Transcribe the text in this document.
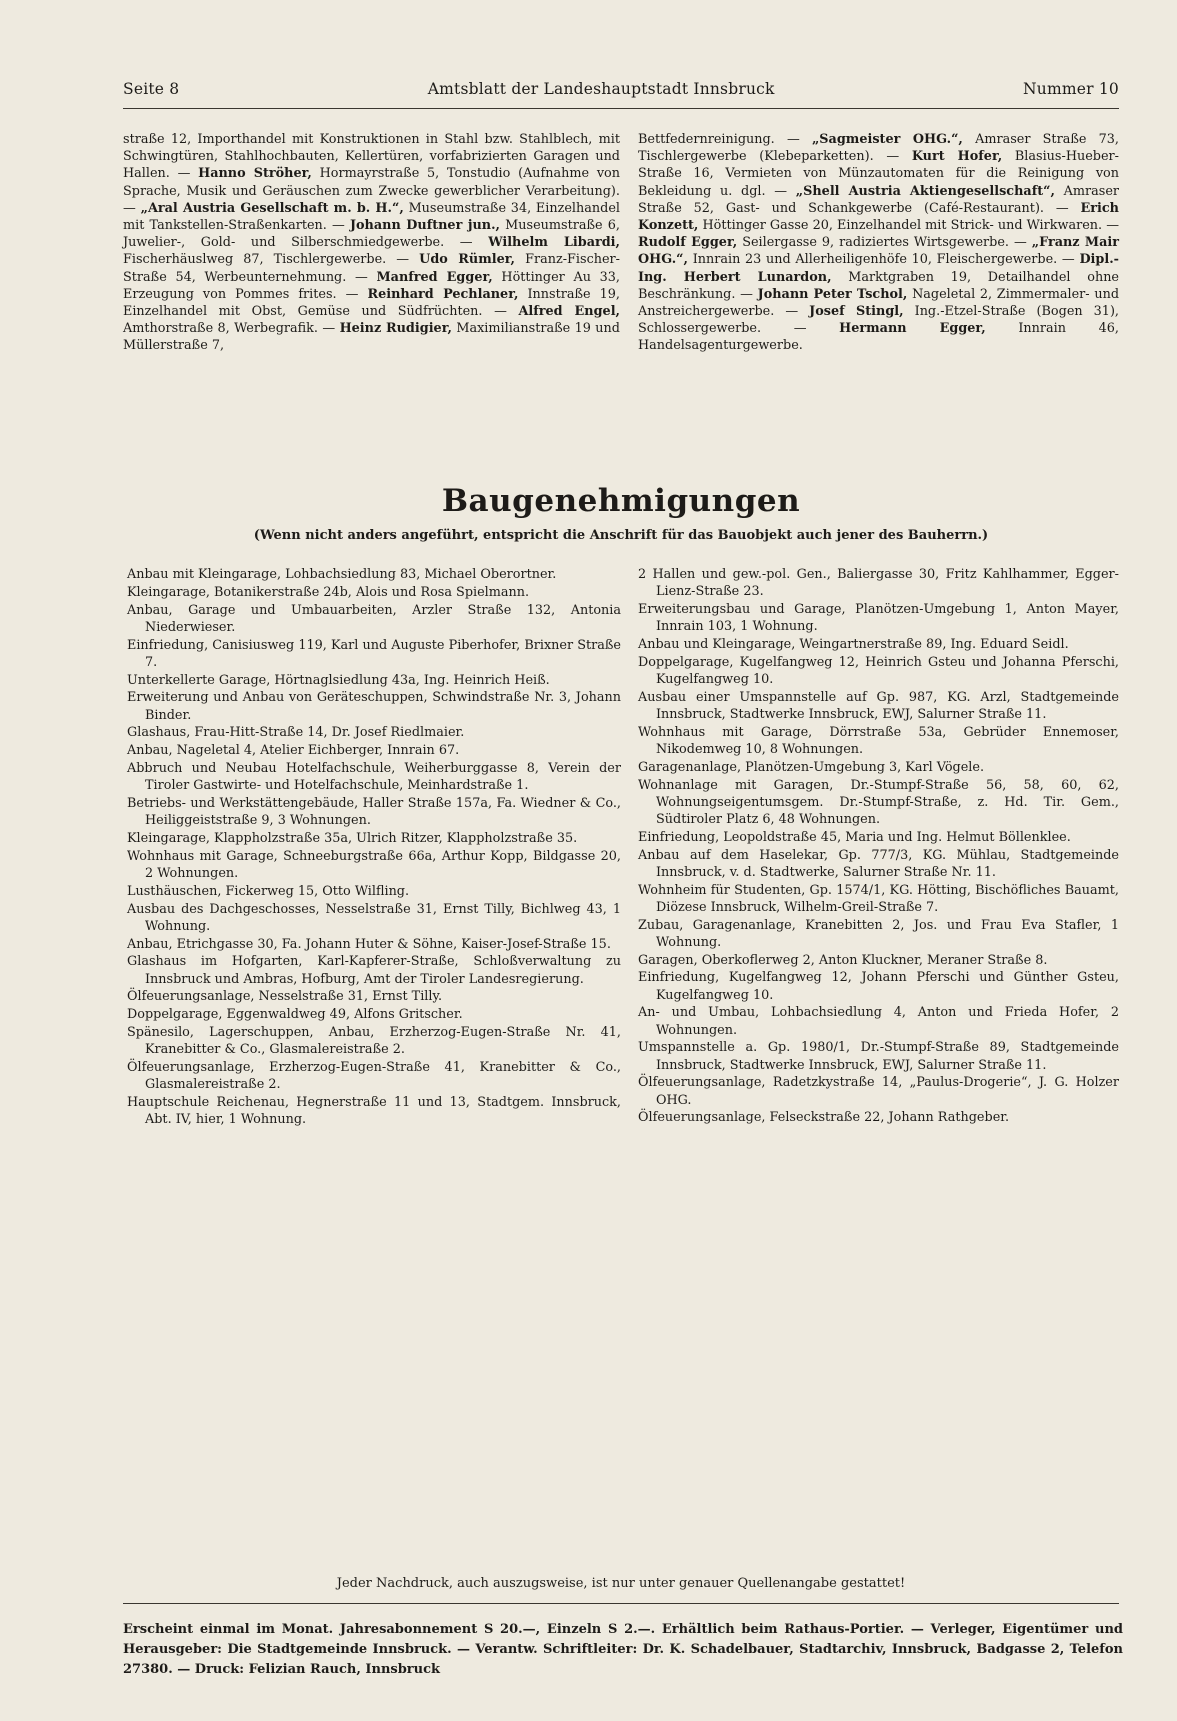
Seite 8	Amtsblatt der Landeshauptstadt Innsbruck	Nummer 10

straße 12, Importhandel mit Konstruktionen in Stahl bzw. Stahlblech, mit Schwingtüren, Stahlhochbauten, Kellertüren, vorfabrizierten Garagen und Hallen. — Hanno Ströher, Hormayrstraße 5, Tonstudio (Aufnahme von Sprache, Musik und Geräuschen zum Zwecke gewerblicher Verarbeitung). — „Aral Austria Gesellschaft m. b. H.“, Museumstraße 34, Einzelhandel mit Tankstellen-Straßenkarten. — Johann Duftner jun., Museumstraße 6, Juwelier-, Gold- und Silberschmiedgewerbe. — Wilhelm Libardi, Fischerhäuslweg 87, Tischlergewerbe. — Udo Rümler, Franz-Fischer-Straße 54, Werbeunternehmung. — Manfred Egger, Höttinger Au 33, Erzeugung von Pommes frites. — Reinhard Pechlaner, Innstraße 19, Einzelhandel mit Obst, Gemüse und Südfrüchten. — Alfred Engel, Amthorstraße 8, Werbegrafik. — Heinz Rudigier, Maximilianstraße 19 und Müllerstraße 7,

Bettfedernreinigung. — „Sagmeister OHG.“, Amraser Straße 73, Tischlergewerbe (Klebeparketten). — Kurt Hofer, Blasius-Hueber-Straße 16, Vermieten von Münzautomaten für die Reinigung von Bekleidung u. dgl. — „Shell Austria Aktiengesellschaft“, Amraser Straße 52, Gast- und Schankgewerbe (Café-Restaurant). — Erich Konzett, Höttinger Gasse 20, Einzelhandel mit Strick- und Wirkwaren. — Rudolf Egger, Seilergasse 9, radiziertes Wirtsgewerbe. — „Franz Mair OHG.“, Innrain 23 und Allerheiligenhöfe 10, Fleischergewerbe. — Dipl.-Ing. Herbert Lunardon, Marktgraben 19, Detailhandel ohne Beschränkung. — Johann Peter Tschol, Nageletal 2, Zimmermaler- und Anstreichergewerbe. — Josef Stingl, Ing.-Etzel-Straße (Bogen 31), Schlossergewerbe. — Hermann Egger, Innrain 46, Handelsagenturgewerbe.

Baugenehmigungen
(Wenn nicht anders angeführt, entspricht die Anschrift für das Bauobjekt auch jener des Bauherrn.)

Anbau mit Kleingarage, Lohbachsiedlung 83, Michael Oberortner.

Kleingarage, Botanikerstraße 24b, Alois und Rosa Spielmann.

Anbau, Garage und Umbauarbeiten, Arzler Straße 132, Antonia Niederwieser.

Einfriedung, Canisiusweg 119, Karl und Auguste Piberhofer, Brixner Straße 7.

Unterkellerte Garage, Hörtnaglsiedlung 43a, Ing. Heinrich Heiß.

Erweiterung und Anbau von Geräteschuppen, Schwindstraße Nr. 3, Johann Binder.

Glashaus, Frau-Hitt-Straße 14, Dr. Josef Riedlmaier.

Anbau, Nageletal 4, Atelier Eichberger, Innrain 67.

Abbruch und Neubau Hotelfachschule, Weiherburggasse 8, Verein der Tiroler Gastwirte- und Hotelfachschule, Meinhardstraße 1.

Betriebs- und Werkstättengebäude, Haller Straße 157a, Fa. Wiedner & Co., Heiliggeiststraße 9, 3 Wohnungen.

Kleingarage, Klappholzstraße 35a, Ulrich Ritzer, Klappholzstraße 35.

Wohnhaus mit Garage, Schneeburgstraße 66a, Arthur Kopp, Bildgasse 20, 2 Wohnungen.

Lusthäuschen, Fickerweg 15, Otto Wilfling.

Ausbau des Dachgeschosses, Nesselstraße 31, Ernst Tilly, Bichlweg 43, 1 Wohnung.

Anbau, Etrichgasse 30, Fa. Johann Huter & Söhne, Kaiser-Josef-Straße 15.

Glashaus im Hofgarten, Karl-Kapferer-Straße, Schloßverwaltung zu Innsbruck und Ambras, Hofburg, Amt der Tiroler Landesregierung.

Ölfeuerungsanlage, Nesselstraße 31, Ernst Tilly.

Doppelgarage, Eggenwaldweg 49, Alfons Gritscher.

Spänesilo, Lagerschuppen, Anbau, Erzherzog-Eugen-Straße Nr. 41, Kranebitter & Co., Glasmalereistraße 2.

Ölfeuerungsanlage, Erzherzog-Eugen-Straße 41, Kranebitter & Co., Glasmalereistraße 2.

Hauptschule Reichenau, Hegnerstraße 11 und 13, Stadtgem. Innsbruck, Abt. IV, hier, 1 Wohnung.

2 Hallen und gew.-pol. Gen., Baliergasse 30, Fritz Kahlhammer, Egger-Lienz-Straße 23.

Erweiterungsbau und Garage, Planötzen-Umgebung 1, Anton Mayer, Innrain 103, 1 Wohnung.

Anbau und Kleingarage, Weingartnerstraße 89, Ing. Eduard Seidl.

Doppelgarage, Kugelfangweg 12, Heinrich Gsteu und Johanna Pferschi, Kugelfangweg 10.

Ausbau einer Umspannstelle auf Gp. 987, KG. Arzl, Stadtgemeinde Innsbruck, Stadtwerke Innsbruck, EWJ, Salurner Straße 11.

Wohnhaus mit Garage, Dörrstraße 53a, Gebrüder Ennemoser, Nikodemweg 10, 8 Wohnungen.

Garagenanlage, Planötzen-Umgebung 3, Karl Vögele.

Wohnanlage mit Garagen, Dr.-Stumpf-Straße 56, 58, 60, 62, Wohnungseigentumsgem. Dr.-Stumpf-Straße, z. Hd. Tir. Gem., Südtiroler Platz 6, 48 Wohnungen.

Einfriedung, Leopoldstraße 45, Maria und Ing. Helmut Böllenklee.

Anbau auf dem Haselekar, Gp. 777/3, KG. Mühlau, Stadtgemeinde Innsbruck, v. d. Stadtwerke, Salurner Straße Nr. 11.

Wohnheim für Studenten, Gp. 1574/1, KG. Hötting, Bischöfliches Bauamt, Diözese Innsbruck, Wilhelm-Greil-Straße 7.

Zubau, Garagenanlage, Kranebitten 2, Jos. und Frau Eva Stafler, 1 Wohnung.

Garagen, Oberkoflerweg 2, Anton Kluckner, Meraner Straße 8.

Einfriedung, Kugelfangweg 12, Johann Pferschi und Günther Gsteu, Kugelfangweg 10.

An- und Umbau, Lohbachsiedlung 4, Anton und Frieda Hofer, 2 Wohnungen.

Umspannstelle a. Gp. 1980/1, Dr.-Stumpf-Straße 89, Stadtgemeinde Innsbruck, Stadtwerke Innsbruck, EWJ, Salurner Straße 11.

Ölfeuerungsanlage, Radetzkystraße 14, „Paulus-Drogerie“, J. G. Holzer OHG.

Ölfeuerungsanlage, Felseckstraße 22, Johann Rathgeber.

Jeder Nachdruck, auch auszugsweise, ist nur unter genauer Quellenangabe gestattet!
Erscheint einmal im Monat. Jahresabonnement S 20.—, Einzeln S 2.—. Erhältlich beim Rathaus-Portier. — Verleger, Eigentümer und Herausgeber: Die Stadtgemeinde Innsbruck. — Verantw. Schriftleiter: Dr. K. Schadelbauer, Stadtarchiv, Innsbruck, Badgasse 2, Telefon 27380. — Druck: Felizian Rauch, Innsbruck
